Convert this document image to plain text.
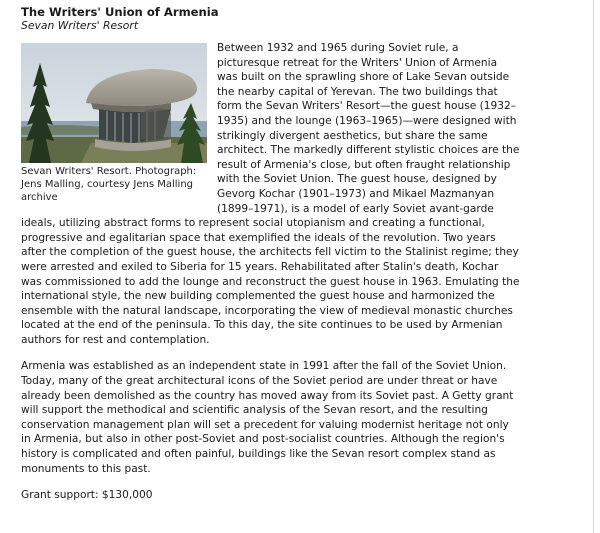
The Writers' Union of Armenia

Sevan Writers' Resort

Sevan Writers' Resort. Photograph: Jens Malling, courtesy Jens Malling archive

Between 1932 and 1965 during Soviet rule, a picturesque retreat for the Writers' Union of Armenia was built on the sprawling shore of Lake Sevan outside the nearby capital of Yerevan. The two buildings that form the Sevan Writers' Resort—the guest house (1932–1935) and the lounge (1963–1965)—were designed with strikingly divergent aesthetics, but share the same architect. The markedly different stylistic choices are the result of Armenia's close, but often fraught relationship with the Soviet Union. The guest house, designed by Gevorg Kochar (1901–1973) and Mikael Mazmanyan (1899–1971), is a model of early Soviet avant-garde ideals, utilizing abstract forms to represent social utopianism and creating a functional, progressive and egalitarian space that exemplified the ideals of the revolution. Two years after the completion of the guest house, the architects fell victim to the Stalinist regime; they were arrested and exiled to Siberia for 15 years. Rehabilitated after Stalin's death, Kochar was commissioned to add the lounge and reconstruct the guest house in 1963. Emulating the international style, the new building complemented the guest house and harmonized the ensemble with the natural landscape, incorporating the view of medieval monastic churches located at the end of the peninsula. To this day, the site continues to be used by Armenian authors for rest and contemplation.

Armenia was established as an independent state in 1991 after the fall of the Soviet Union. Today, many of the great architectural icons of the Soviet period are under threat or have already been demolished as the country has moved away from its Soviet past. A Getty grant will support the methodical and scientific analysis of the Sevan resort, and the resulting conservation management plan will set a precedent for valuing modernist heritage not only in Armenia, but also in other post-Soviet and post-socialist countries. Although the region's history is complicated and often painful, buildings like the Sevan resort complex stand as monuments to this past.

Grant support: $130,000
